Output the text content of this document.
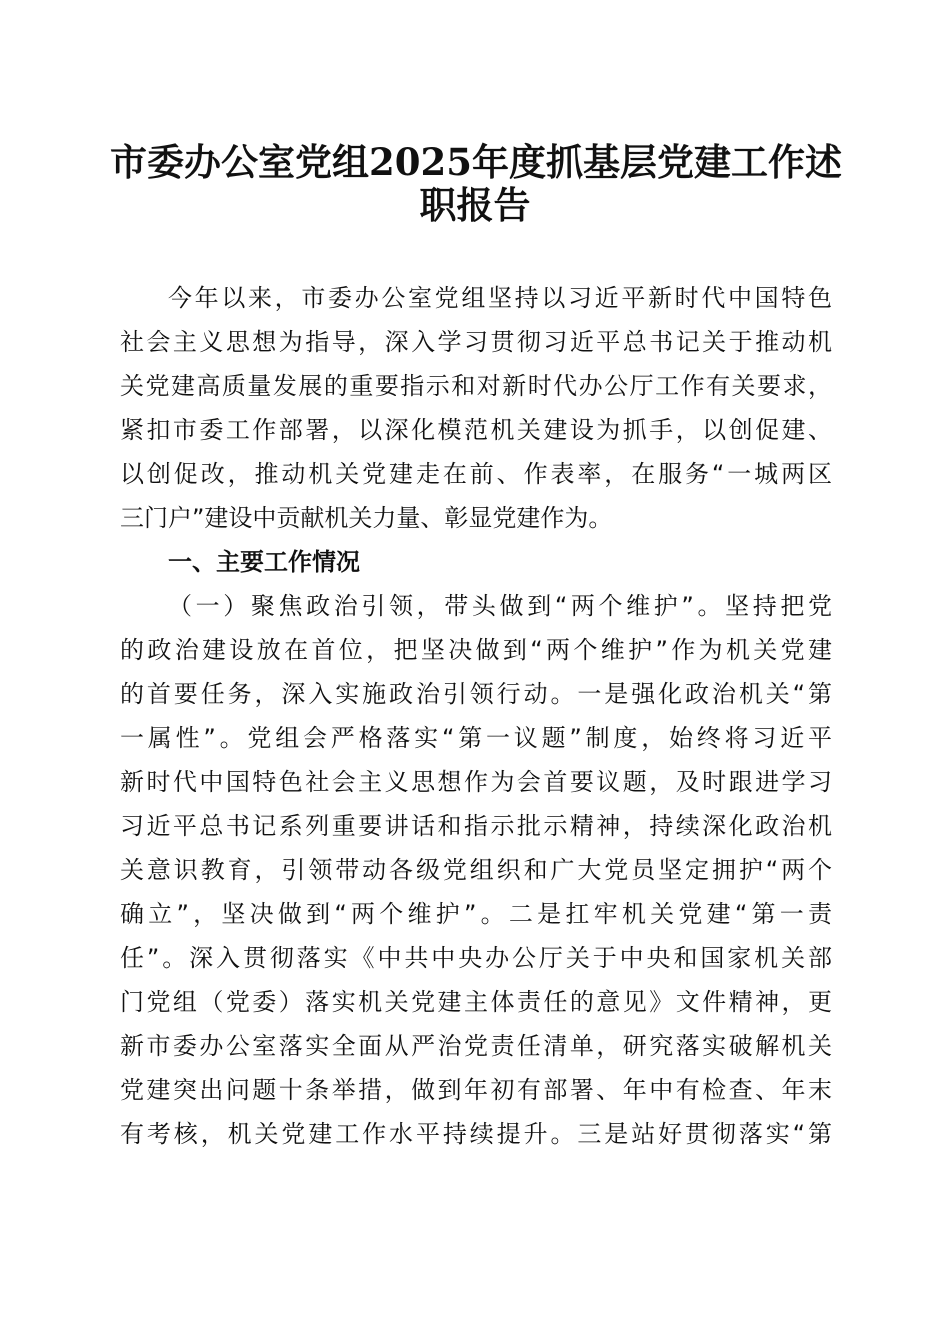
市委办公室党组2025年度抓基层党建工作述
职报告
今年以来，市委办公室党组坚持以习近平新时代中国特色
社会主义思想为指导，深入学习贯彻习近平总书记关于推动机
关党建高质量发展的重要指示和对新时代办公厅工作有关要求，
紧扣市委工作部署，以深化模范机关建设为抓手，以创促建、
以创促改，推动机关党建走在前、作表率，在服务“一城两区
三门户”建设中贡献机关力量、彰显党建作为。
一、主要工作情况
（一）聚焦政治引领，带头做到“两个维护”。坚持把党
的政治建设放在首位，把坚决做到“两个维护”作为机关党建
的首要任务，深入实施政治引领行动。一是强化政治机关“第
一属性”。党组会严格落实“第一议题”制度，始终将习近平
新时代中国特色社会主义思想作为会首要议题，及时跟进学习
习近平总书记系列重要讲话和指示批示精神，持续深化政治机
关意识教育，引领带动各级党组织和广大党员坚定拥护“两个
确立”，坚决做到“两个维护”。二是扛牢机关党建“第一责
任”。深入贯彻落实《中共中央办公厅关于中央和国家机关部
门党组（党委）落实机关党建主体责任的意见》文件精神，更
新市委办公室落实全面从严治党责任清单，研究落实破解机关
党建突出问题十条举措，做到年初有部署、年中有检查、年末
有考核，机关党建工作水平持续提升。三是站好贯彻落实“第
